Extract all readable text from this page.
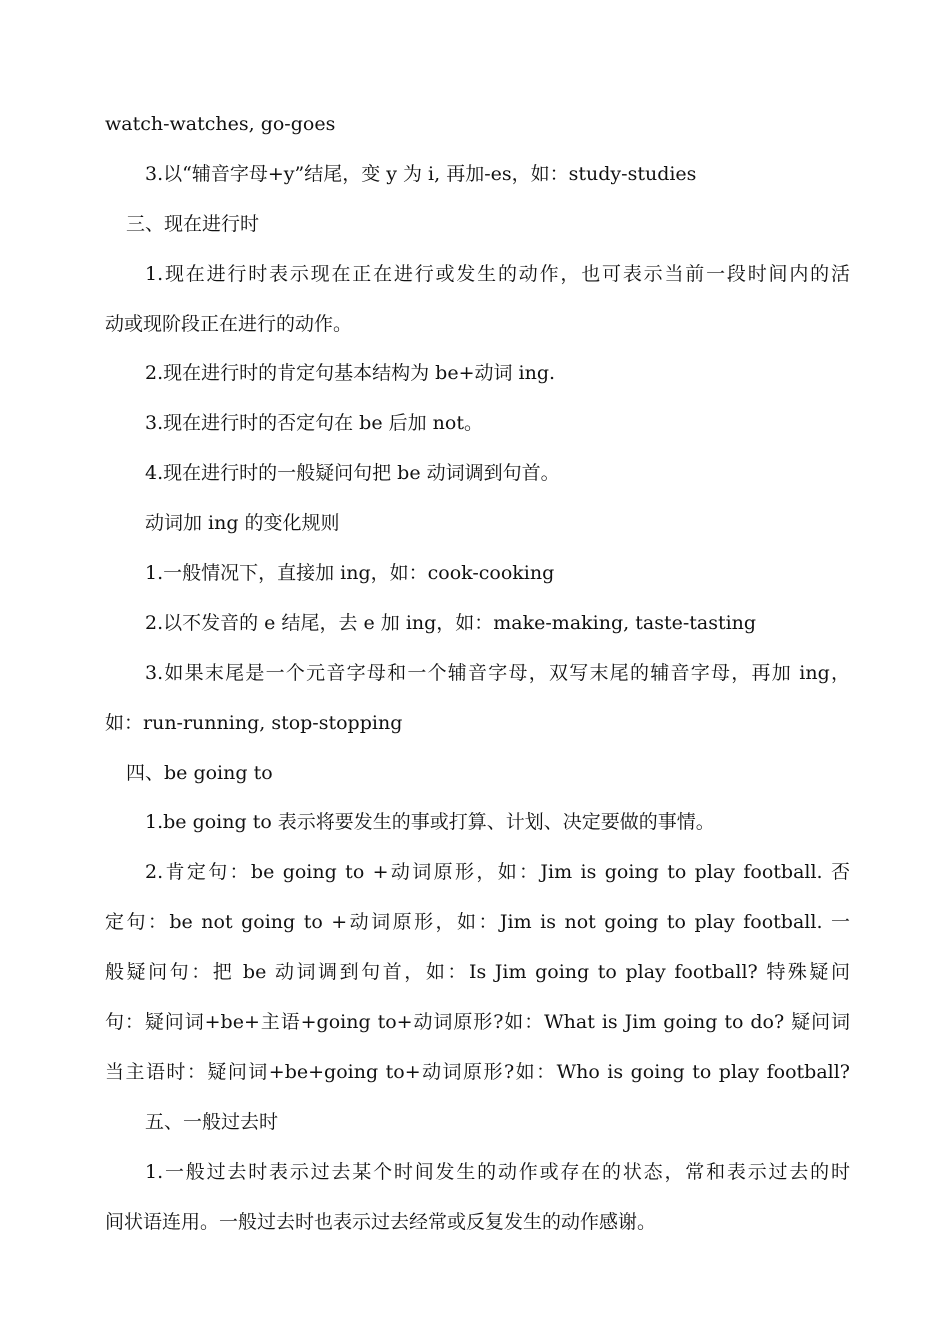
watch-watches, go-goes
3.以“辅音字母+y”结尾，变 y 为 i, 再加-es，如：study-studies
三、现在进行时
1.现在进行时表示现在正在进行或发生的动作，也可表示当前一段时间内的活
动或现阶段正在进行的动作。
2.现在进行时的肯定句基本结构为 be+动词 ing.
3.现在进行时的否定句在 be 后加 not。
4.现在进行时的一般疑问句把 be 动词调到句首。
动词加 ing 的变化规则
1.一般情况下，直接加 ing，如：cook-cooking
2.以不发音的 e 结尾，去 e 加 ing，如：make-making, taste-tasting
3.如果末尾是一个元音字母和一个辅音字母，双写末尾的辅音字母，再加 ing，
如：run-running, stop-stopping
四、be going to
1.be going to 表示将要发生的事或打算、计划、决定要做的事情。
2.肯定句：be going to +动词原形，如：Jim is going to play football. 否
定句：be not going to +动词原形，如：Jim is not going to play football. 一
般疑问句：把 be 动词调到句首，如：Is Jim going to play football? 特殊疑问
句：疑问词+be+主语+going to+动词原形?如：What is Jim going to do? 疑问词
当主语时：疑问词+be+going to+动词原形?如：Who is going to play football?
五、一般过去时
1.一般过去时表示过去某个时间发生的动作或存在的状态，常和表示过去的时
间状语连用。一般过去时也表示过去经常或反复发生的动作感谢。
